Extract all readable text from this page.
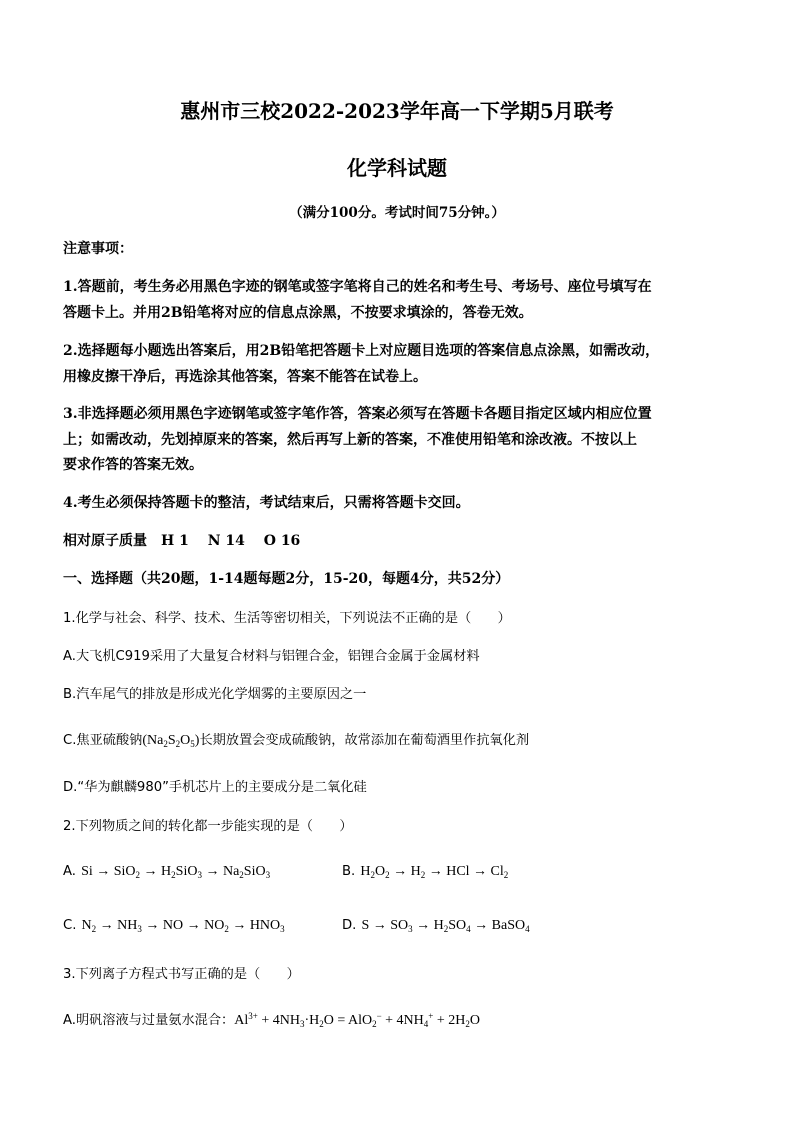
惠州市三校2022-2023学年高一下学期5月联考
化学科试题
（满分100分。考试时间75分钟。）
注意事项：
1.答题前，考生务必用黑色字迹的钢笔或签字笔将自己的姓名和考生号、考场号、座位号填写在
答题卡上。并用2B铅笔将对应的信息点涂黑，不按要求填涂的，答卷无效。
2.选择题每小题选出答案后，用2B铅笔把答题卡上对应题目选项的答案信息点涂黑，如需改动，
用橡皮擦干净后，再选涂其他答案，答案不能答在试卷上。
3.非选择题必须用黑色字迹钢笔或签字笔作答，答案必须写在答题卡各题目指定区域内相应位置
上；如需改动，先划掉原来的答案，然后再写上新的答案，不准使用铅笔和涂改液。不按以上
要求作答的答案无效。
4.考生必须保持答题卡的整洁，考试结束后，只需将答题卡交回。
相对原子质量　H 1　 N 14　 O 16
一、选择题（共20题，1-14题每题2分，15-20，每题4分，共52分）
1.化学与社会、科学、技术、生活等密切相关，下列说法不正确的是（　　）
A.大飞机C919采用了大量复合材料与铝锂合金，铝锂合金属于金属材料
B.汽车尾气的排放是形成光化学烟雾的主要原因之一
C.焦亚硫酸钠$(Na_2S_2O_5)$长期放置会变成硫酸钠，故常添加在葡萄酒里作抗氧化剂
D.“华为麒麟980”手机芯片上的主要成分是二氧化硅
2.下列物质之间的转化都一步能实现的是（　　）
A. $Si \to SiO_2 \to H_2SiO_3 \to Na_2SiO_3$	B. $H_2O_2 \to H_2$ → HCl → $Cl_2$
C. $N_2 \to NH_3$ → NO → $NO_2 \to HNO_3$	D. $S \to SO_3 \to H_2SO_4$ → BaSO$_4$
3.下列离子方程式书写正确的是（　　）
A.明矾溶液与过量氨水混合：$Al^{3+} + 4NH_3\cdot H_2O = AlO_2^- + 4NH_4^+ + 2H_2O$
